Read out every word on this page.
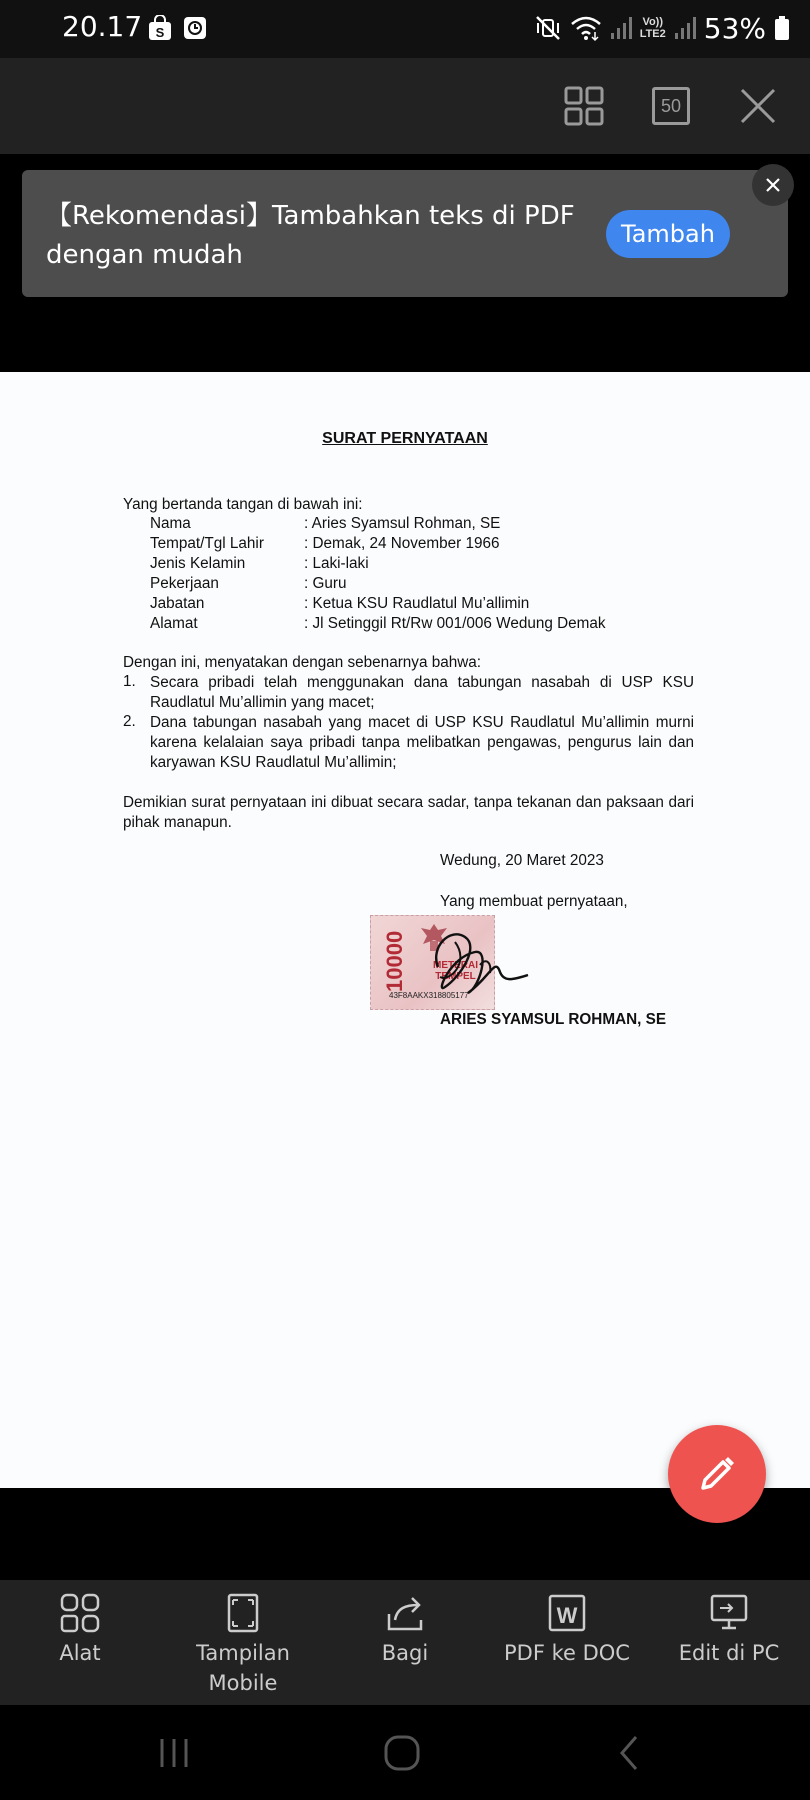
20.17 S
Vo))
LTE2 53%
50
【Rekomendasi】Tambahkan teks di PDF dengan mudah
Tambah
SURAT PERNYATAAN
Yang bertanda tangan di bawah ini:
Nama	: Aries Syamsul Rohman, SE
Tempat/Tgl Lahir	: Demak, 24 November 1966
Jenis Kelamin	: Laki-laki
Pekerjaan	: Guru
Jabatan	: Ketua KSU Raudlatul Mu’allimin
Alamat	: Jl Setinggil Rt/Rw 001/006 Wedung Demak
Dengan ini, menyatakan dengan sebenarnya bahwa:
1. Secara pribadi telah menggunakan dana tabungan nasabah di USP KSU Raudlatul Mu’allimin yang macet;
2. Dana tabungan nasabah yang macet di USP KSU Raudlatul Mu’allimin murni karena kelalaian saya pribadi tanpa melibatkan pengawas, pengurus lain dan karyawan KSU Raudlatul Mu’allimin;
Demikian surat pernyataan ini dibuat secara sadar, tanpa tekanan dan paksaan dari pihak manapun.
Wedung, 20 Maret 2023
Yang membuat pernyataan,
10000	METERAI
TEMPEL
43F8AAKX318805177
ARIES SYAMSUL ROHMAN, SE
Alat	Tampilan Mobile
Bagi
W
PDF ke DOC	Edit di PC
